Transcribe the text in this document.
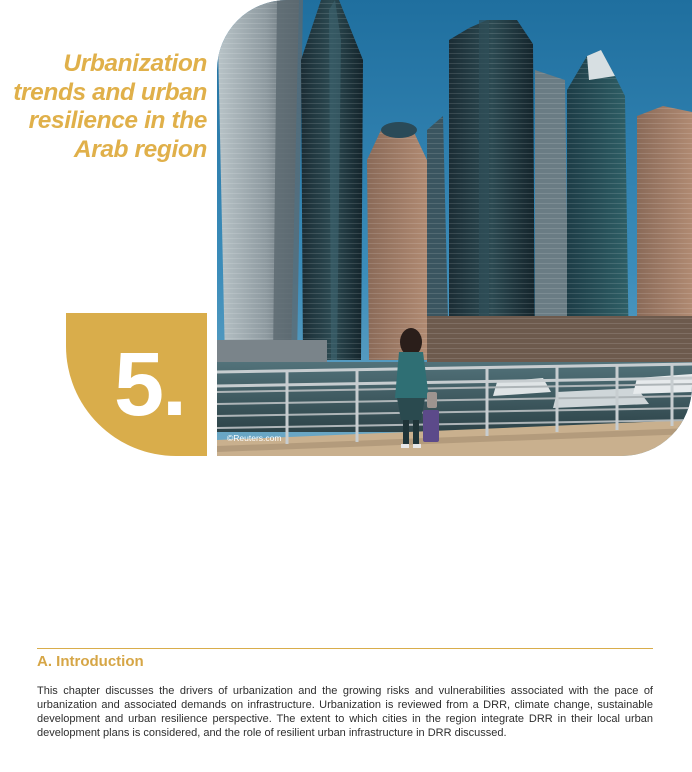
Urbanization
trends and urban
resilience in the
Arab region
5.
©Reuters.com
A. Introduction
This chapter discusses the drivers of urbanization and the growing risks and vulnerabilities associated with the pace of urbanization and associated demands on infrastructure. Urbanization is reviewed from a DRR, climate change, sustainable development and urban resilience perspective. The extent to which cities in the region integrate DRR in their local urban development plans is considered, and the role of resilient urban infrastructure in DRR discussed.
